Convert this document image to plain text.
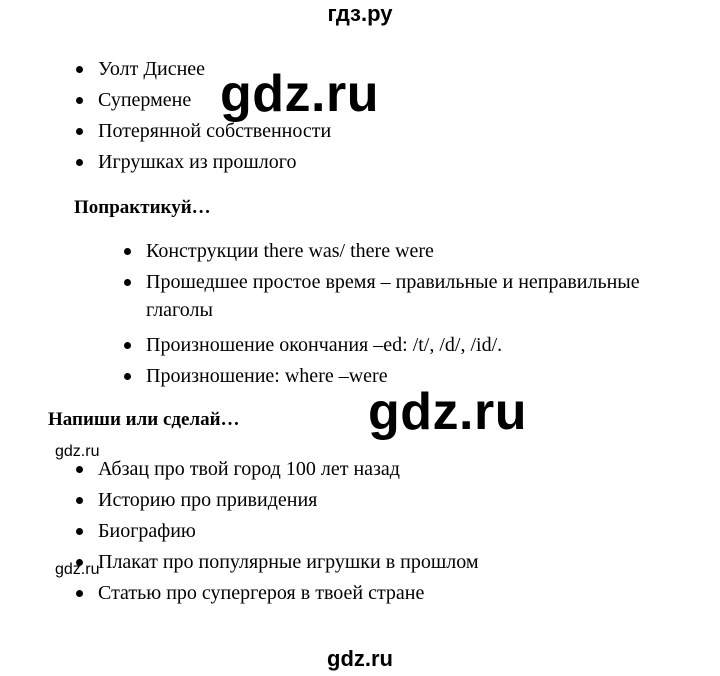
гдз.ру
Уолт Диснее
Супермене
Потерянной собственности
Игрушках из прошлого
Попрактикуй…
Конструкции there was/ there were
Прошедшее простое время – правильные и неправильные
глаголы
Произношение окончания –ed: /t/, /d/, /id/.
Произношение: where –were
Напиши или сделай…
Абзац про твой город 100 лет назад
Историю про привидения
Биографию
Плакат про популярные игрушки в прошлом
Статью про супергероя в твоей стране
gdz.ru
gdz.ru
gdz.ru
gdz.ru
gdz.ru
